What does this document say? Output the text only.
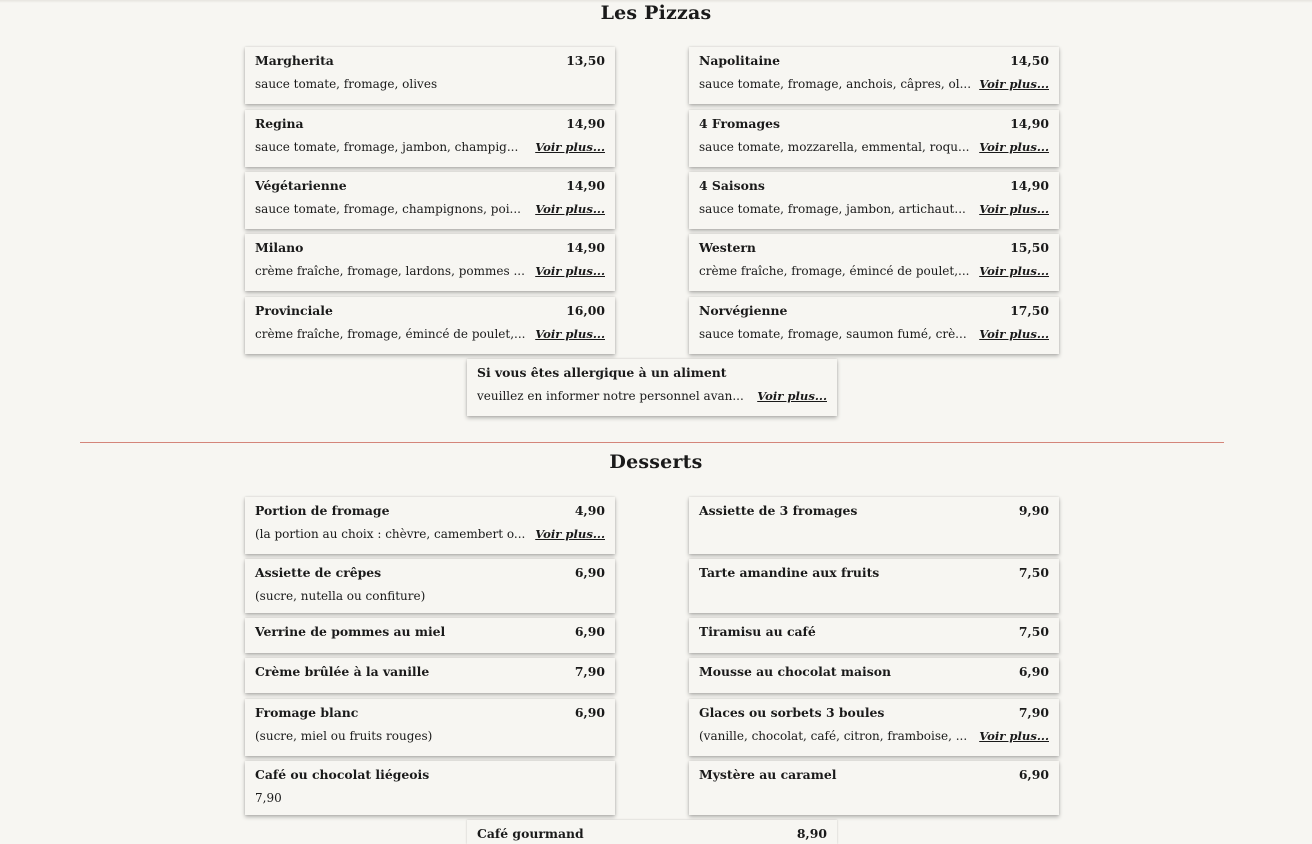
Les Pizzas
Margherita	13,50
sauce tomate, fromage, olives
Napolitaine	14,50
sauce tomate, fromage, anchois, câpres, ol... Voir plus...
Regina	14,90
sauce tomate, fromage, jambon, champig... Voir plus...
4 Fromages	14,90
sauce tomate, mozzarella, emmental, roqu... Voir plus...
Végétarienne	14,90
sauce tomate, fromage, champignons, poi... Voir plus...
4 Saisons	14,90
sauce tomate, fromage, jambon, artichaut... Voir plus...
Milano	14,90
crème fraîche, fromage, lardons, pommes ... Voir plus...
Western	15,50
crème fraîche, fromage, émincé de poulet,... Voir plus...
Provinciale	16,00
crème fraîche, fromage, émincé de poulet,... Voir plus...
Norvégienne	17,50
sauce tomate, fromage, saumon fumé, crè... Voir plus...
Si vous êtes allergique à un aliment
veuillez en informer notre personnel avan... Voir plus...
Desserts
Portion de fromage	4,90
(la portion au choix : chèvre, camembert o... Voir plus...
Assiette de 3 fromages	9,90
Assiette de crêpes	6,90
(sucre, nutella ou confiture)
Tarte amandine aux fruits	7,50
Verrine de pommes au miel	6,90	Tiramisu au café	7,50
Crème brûlée à la vanille	7,90	Mousse au chocolat maison	6,90
Fromage blanc	6,90
(sucre, miel ou fruits rouges)
Glaces ou sorbets 3 boules	7,90
(vanille, chocolat, café, citron, framboise, ... Voir plus...
Café ou chocolat liégeois
7,90
Mystère au caramel	6,90
Café gourmand	8,90
